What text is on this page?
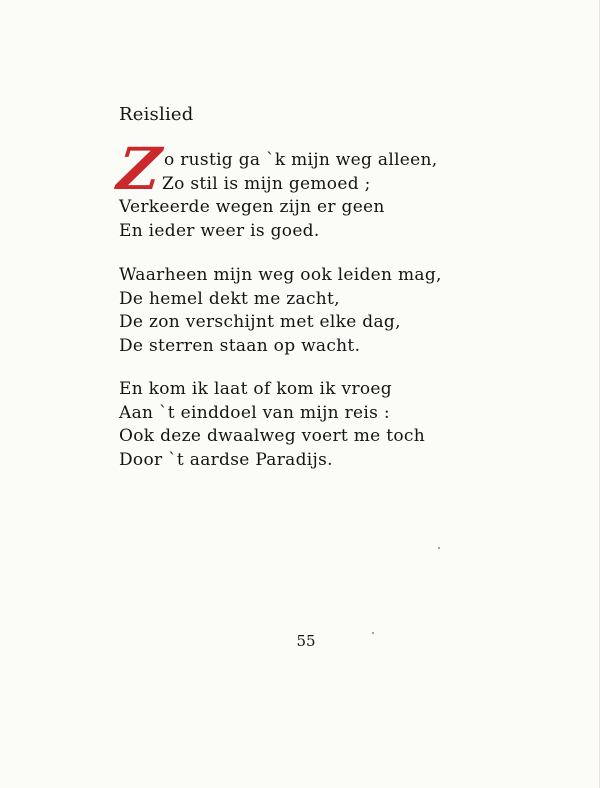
Reislied
Z o rustig ga `k mijn weg alleen,
Zo stil is mijn gemoed ;
Verkeerde wegen zijn er geen
En ieder weer is goed.
Waarheen mijn weg ook leiden mag,
De hemel dekt me zacht,
De zon verschijnt met elke dag,
De sterren staan op wacht.
En kom ik laat of kom ik vroeg
Aan `t einddoel van mijn reis :
Ook deze dwaalweg voert me toch
Door `t aardse Paradijs.
55
